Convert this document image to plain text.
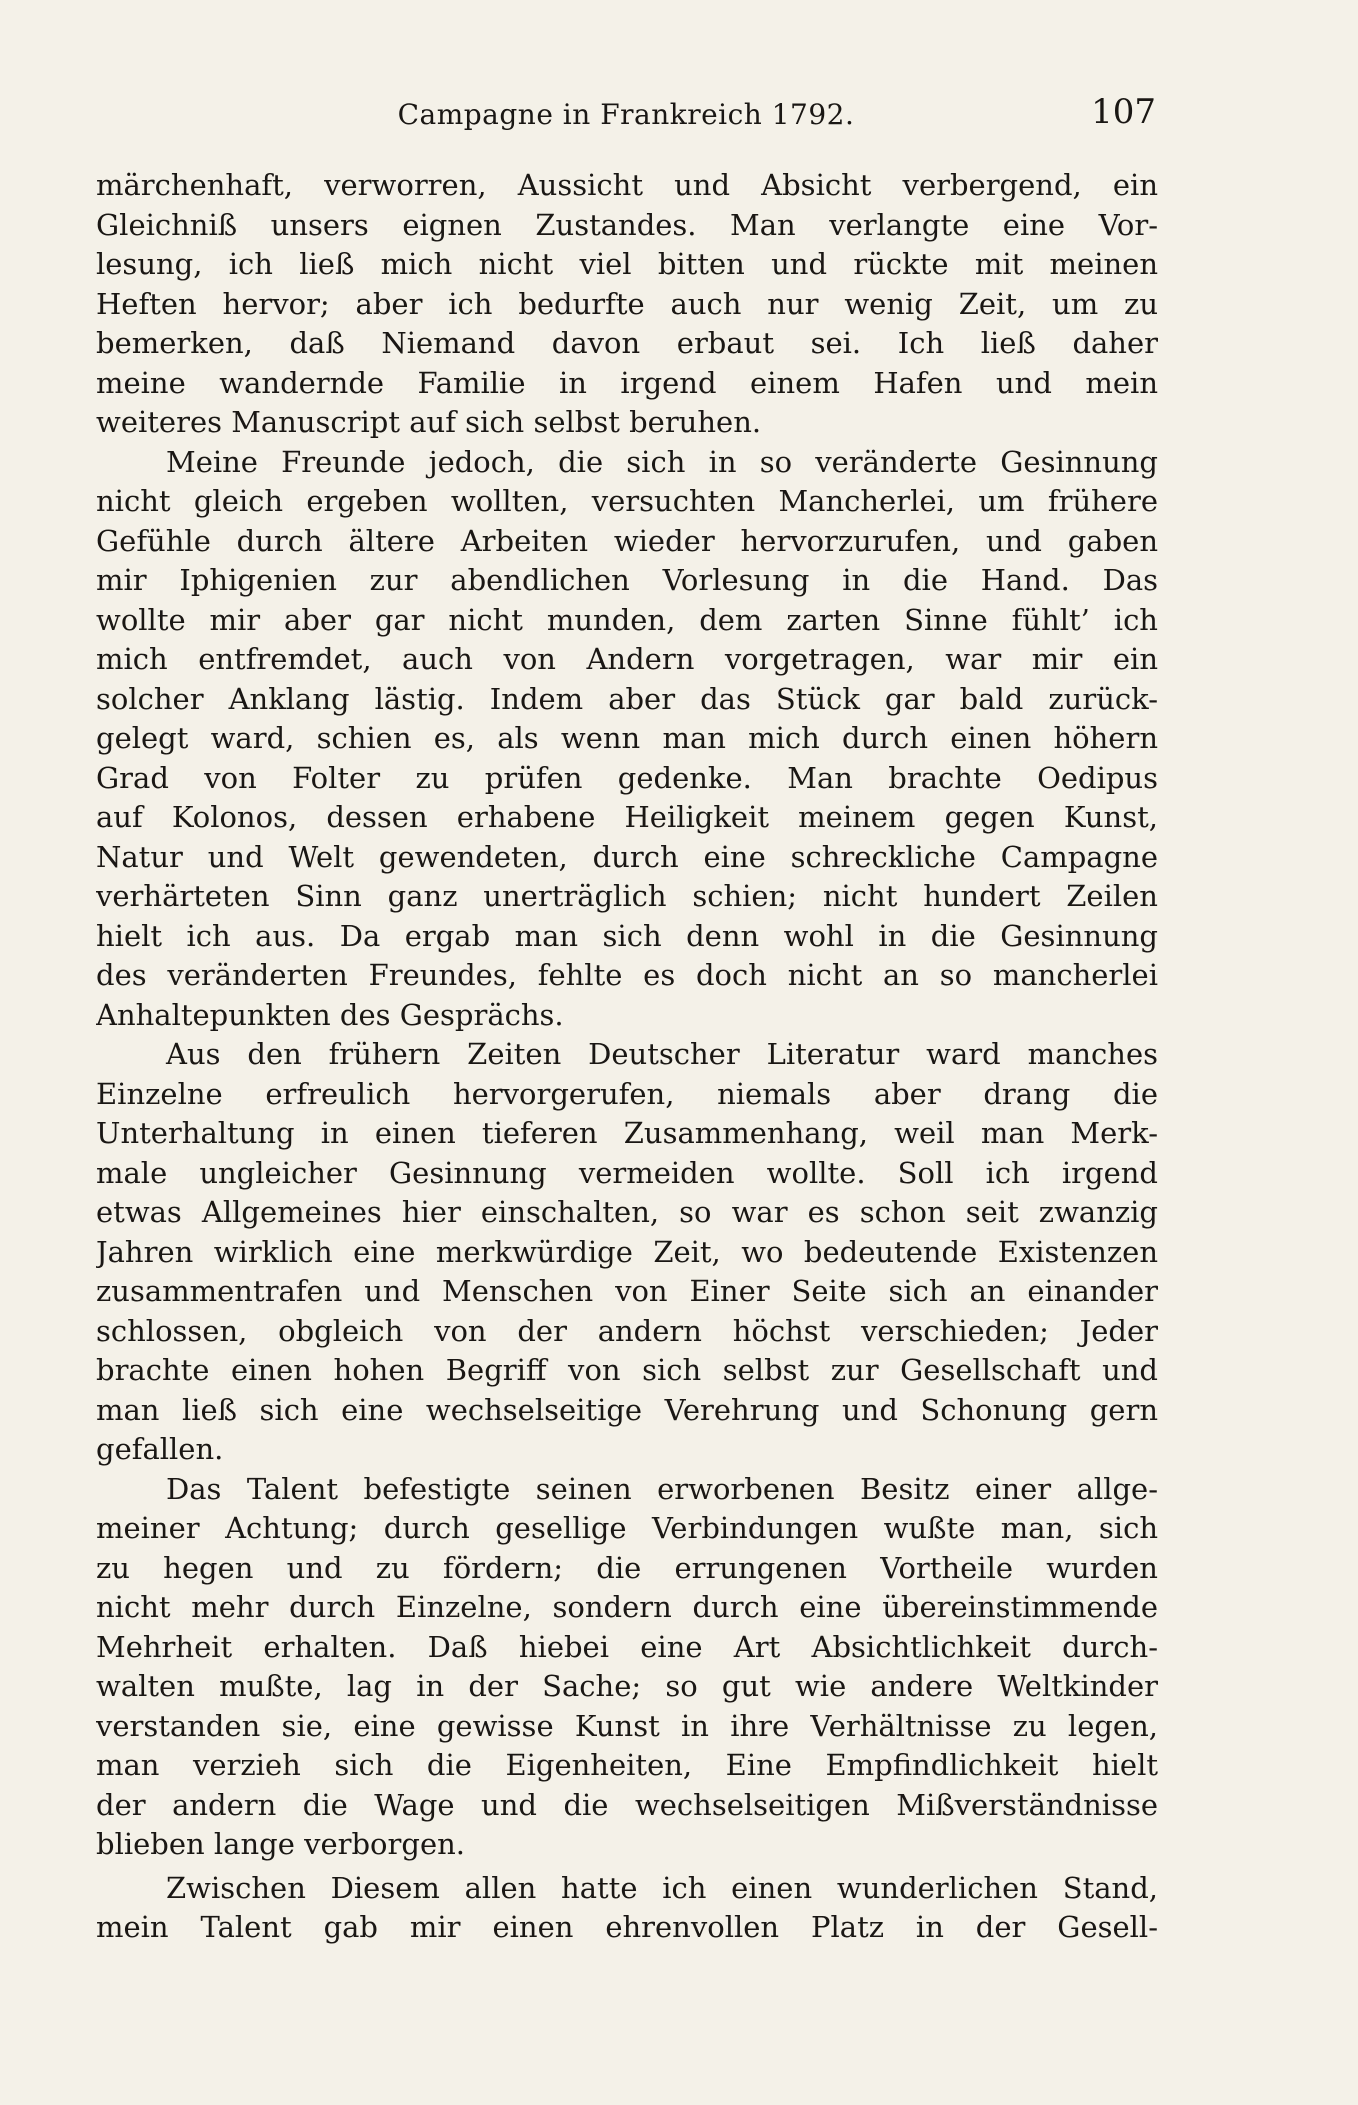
Campagne in Frankreich 1792.	107
märchenhaft, verworren, Aussicht und Absicht verbergend, ein
Gleichniß unsers eignen Zustandes. Man verlangte eine Vor-
lesung, ich ließ mich nicht viel bitten und rückte mit meinen
Heften hervor; aber ich bedurfte auch nur wenig Zeit, um zu
bemerken, daß Niemand davon erbaut sei. Ich ließ daher
meine wandernde Familie in irgend einem Hafen und mein
weiteres Manuscript auf sich selbst beruhen.
Meine Freunde jedoch, die sich in so veränderte Gesinnung
nicht gleich ergeben wollten, versuchten Mancherlei, um frühere
Gefühle durch ältere Arbeiten wieder hervorzurufen, und gaben
mir Iphigenien zur abendlichen Vorlesung in die Hand. Das
wollte mir aber gar nicht munden, dem zarten Sinne fühlt’ ich
mich entfremdet, auch von Andern vorgetragen, war mir ein
solcher Anklang lästig. Indem aber das Stück gar bald zurück-
gelegt ward, schien es, als wenn man mich durch einen höhern
Grad von Folter zu prüfen gedenke. Man brachte Oedipus
auf Kolonos, dessen erhabene Heiligkeit meinem gegen Kunst,
Natur und Welt gewendeten, durch eine schreckliche Campagne
verhärteten Sinn ganz unerträglich schien; nicht hundert Zeilen
hielt ich aus. Da ergab man sich denn wohl in die Gesinnung
des veränderten Freundes, fehlte es doch nicht an so mancherlei
Anhaltepunkten des Gesprächs.
Aus den frühern Zeiten Deutscher Literatur ward manches
Einzelne erfreulich hervorgerufen, niemals aber drang die
Unterhaltung in einen tieferen Zusammenhang, weil man Merk-
male ungleicher Gesinnung vermeiden wollte. Soll ich irgend
etwas Allgemeines hier einschalten, so war es schon seit zwanzig
Jahren wirklich eine merkwürdige Zeit, wo bedeutende Existenzen
zusammentrafen und Menschen von Einer Seite sich an einander
schlossen, obgleich von der andern höchst verschieden; Jeder
brachte einen hohen Begriff von sich selbst zur Gesellschaft und
man ließ sich eine wechselseitige Verehrung und Schonung gern
gefallen.
Das Talent befestigte seinen erworbenen Besitz einer allge-
meiner Achtung; durch gesellige Verbindungen wußte man, sich
zu hegen und zu fördern; die errungenen Vortheile wurden
nicht mehr durch Einzelne, sondern durch eine übereinstimmende
Mehrheit erhalten. Daß hiebei eine Art Absichtlichkeit durch-
walten mußte, lag in der Sache; so gut wie andere Weltkinder
verstanden sie, eine gewisse Kunst in ihre Verhältnisse zu legen,
man verzieh sich die Eigenheiten, Eine Empfindlichkeit hielt
der andern die Wage und die wechselseitigen Mißverständnisse
blieben lange verborgen.
Zwischen Diesem allen hatte ich einen wunderlichen Stand,
mein Talent gab mir einen ehrenvollen Platz in der Gesell-
